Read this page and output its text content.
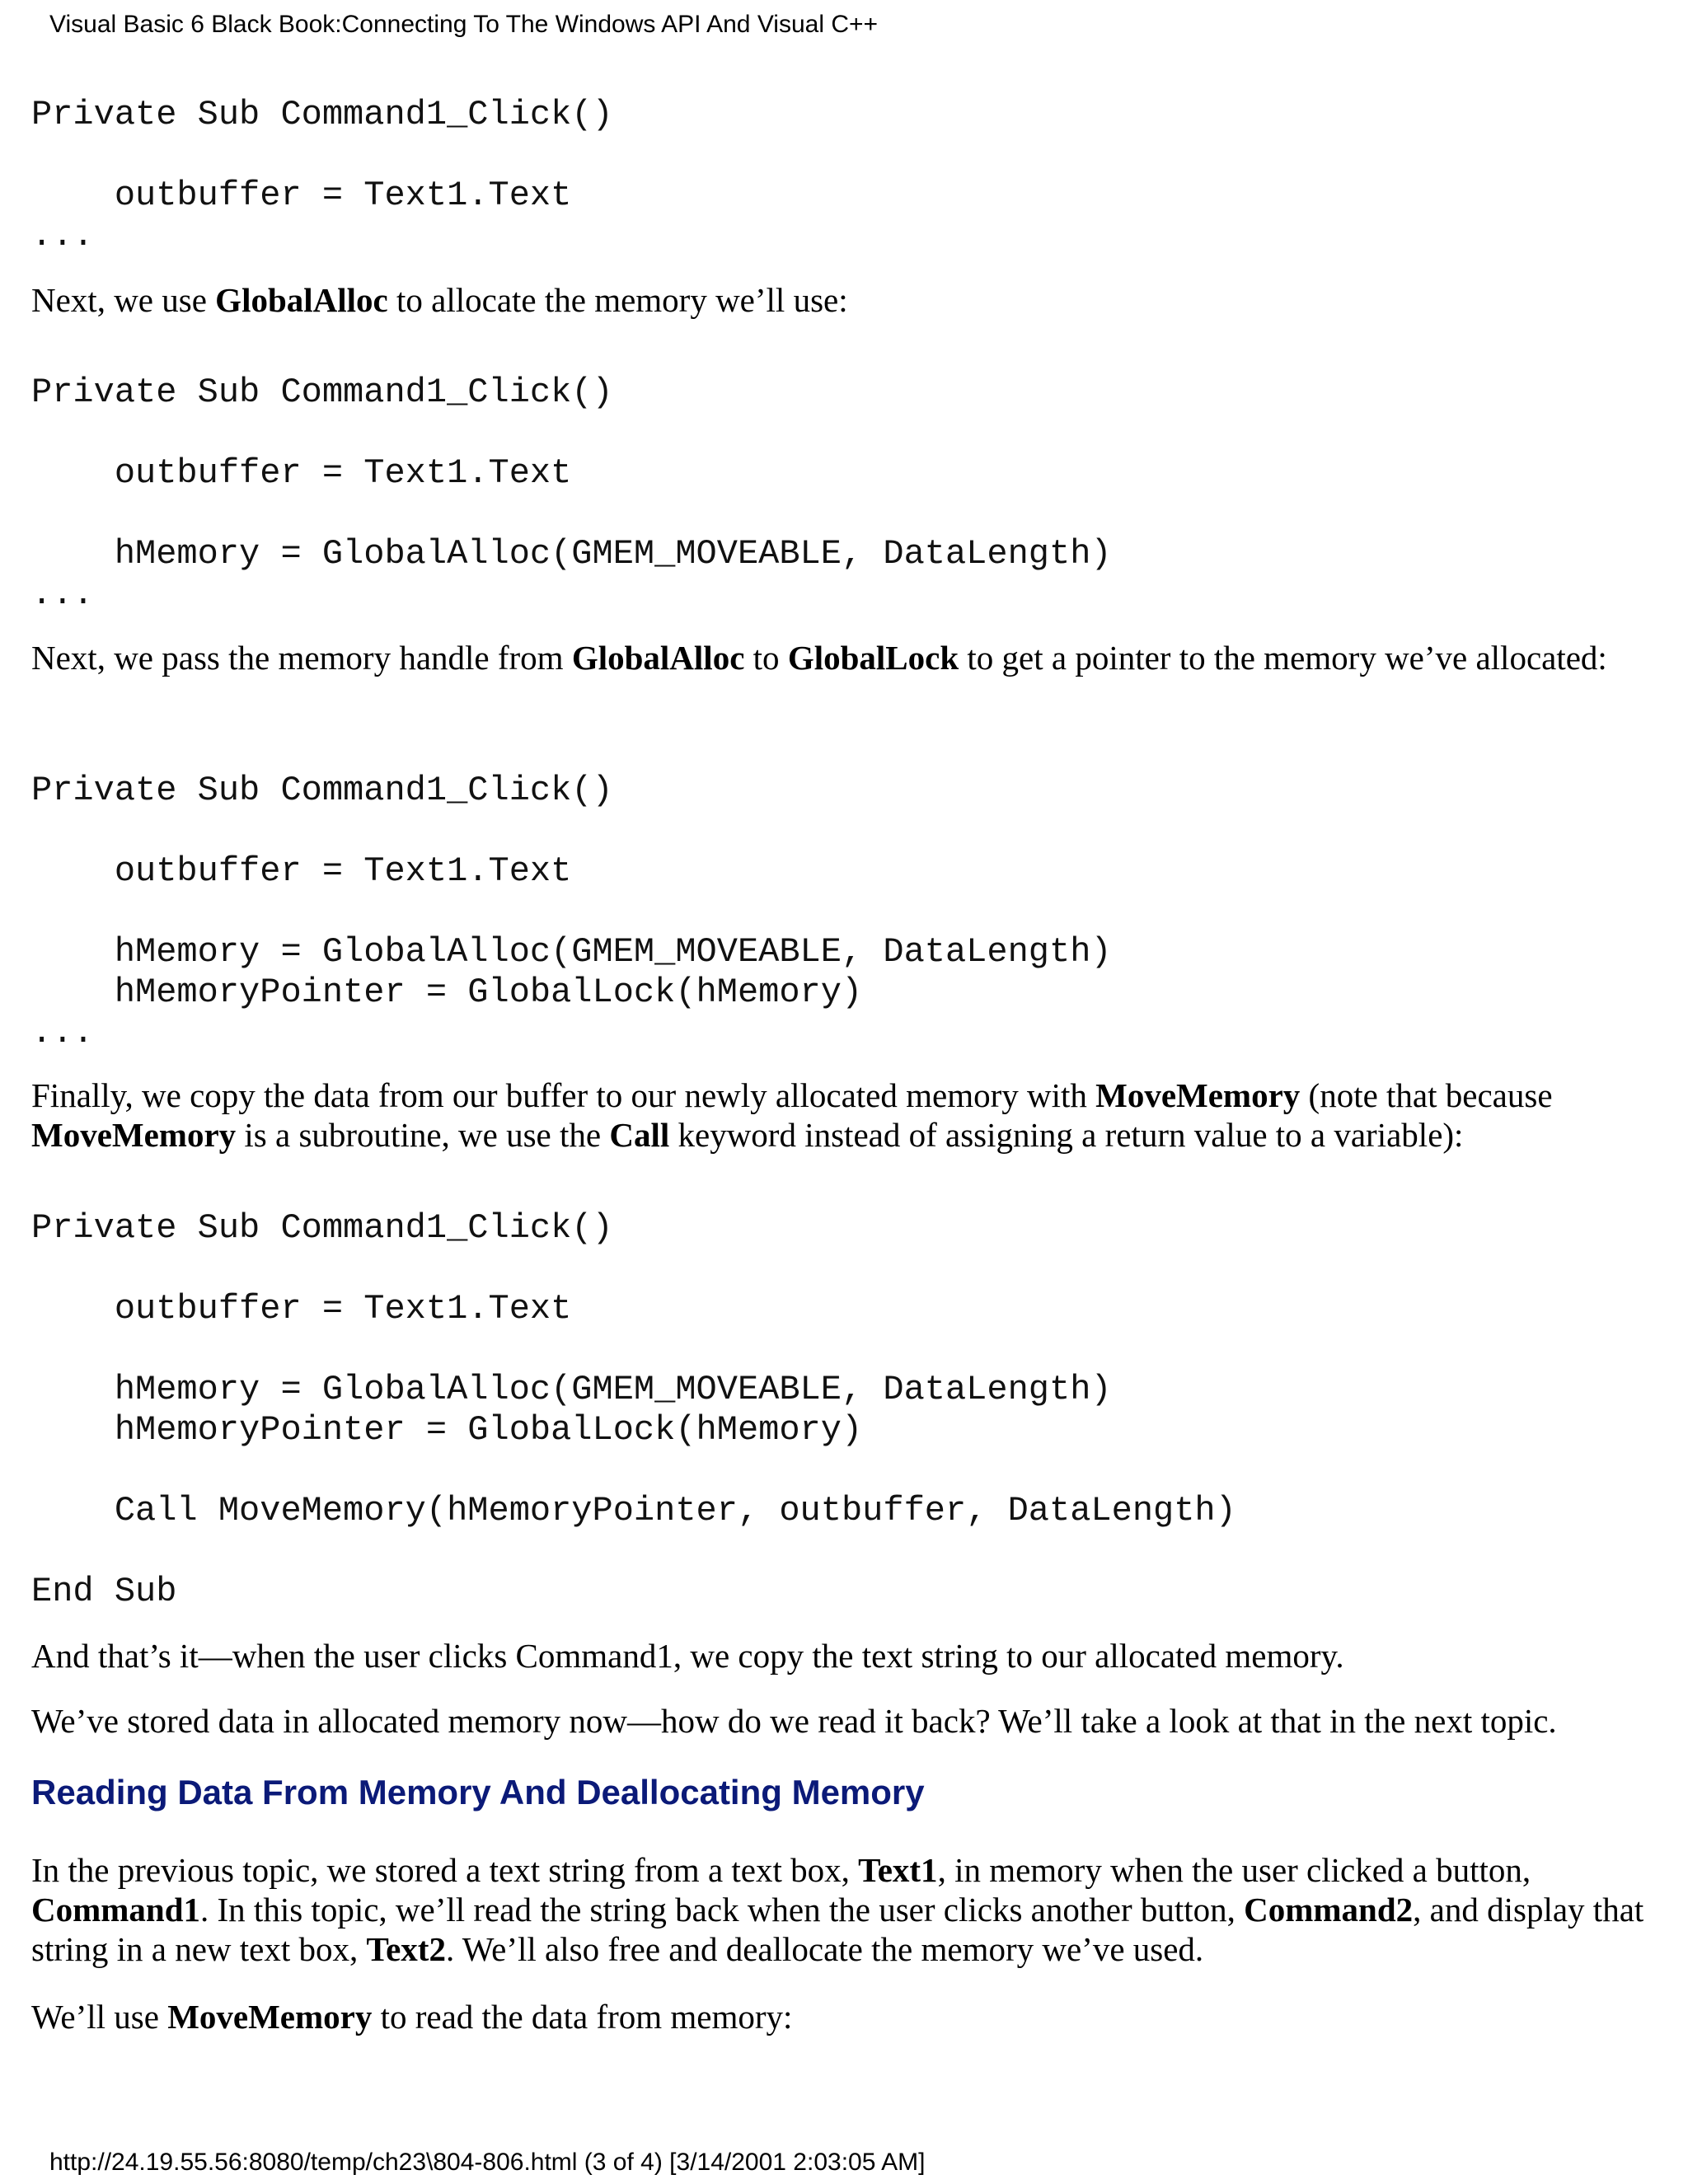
Visual Basic 6 Black Book:Connecting To The Windows API And Visual C++
Private Sub Command1_Click()

outbuffer = Text1.Text
...

Next, we use GlobalAlloc to allocate the memory we’ll use:

Private Sub Command1_Click()

outbuffer = Text1.Text

hMemory = GlobalAlloc(GMEM_MOVEABLE, DataLength)
...

Next, we pass the memory handle from GlobalAlloc to GlobalLock to get a pointer to the memory we’ve allocated:

Private Sub Command1_Click()

outbuffer = Text1.Text

hMemory = GlobalAlloc(GMEM_MOVEABLE, DataLength)
hMemoryPointer = GlobalLock(hMemory)
...

Finally, we copy the data from our buffer to our newly allocated memory with MoveMemory (note that because MoveMemory is a subroutine, we use the Call keyword instead of assigning a return value to a variable):

Private Sub Command1_Click()

outbuffer = Text1.Text

hMemory = GlobalAlloc(GMEM_MOVEABLE, DataLength)
hMemoryPointer = GlobalLock(hMemory)

Call MoveMemory(hMemoryPointer, outbuffer, DataLength)

End Sub

And that’s it—when the user clicks Command1, we copy the text string to our allocated memory.

We’ve stored data in allocated memory now—how do we read it back? We’ll take a look at that in the next topic.

Reading Data From Memory And Deallocating Memory

In the previous topic, we stored a text string from a text box, Text1, in memory when the user clicked a button, Command1. In this topic, we’ll read the string back when the user clicks another button, Command2, and display that string in a new text box, Text2. We’ll also free and deallocate the memory we’ve used.

We’ll use MoveMemory to read the data from memory:

http://24.19.55.56:8080/temp/ch23\804-806.html (3 of 4) [3/14/2001 2:03:05 AM]
